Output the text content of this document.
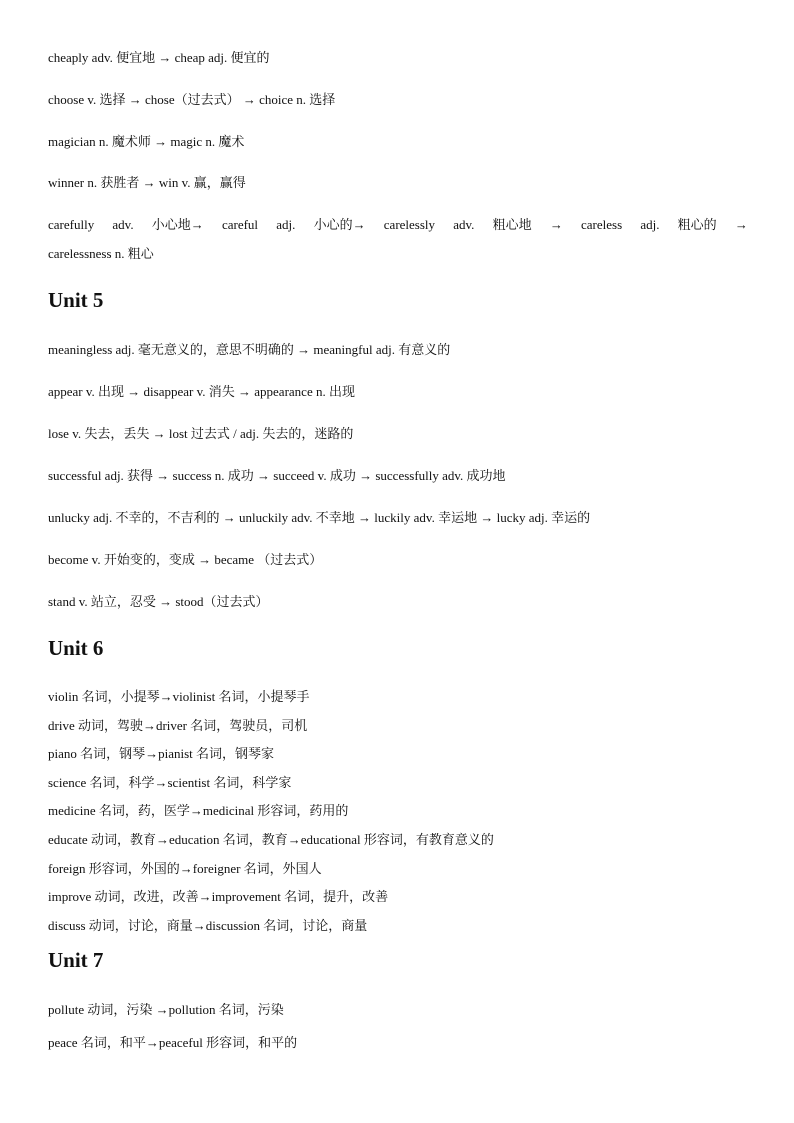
cheaply adv. 便宜地 → cheap adj. 便宜的
choose v. 选择 → chose（过去式） → choice n. 选择
magician n. 魔术师 → magic n. 魔术
winner n. 获胜者 → win v. 赢，赢得
carefully adv. 小心地→ careful adj. 小心的→ carelessly adv. 粗心地 → careless adj. 粗心的 →
carelessness n. 粗心
Unit 5
meaningless adj. 毫无意义的，意思不明确的 → meaningful adj. 有意义的
appear v. 出现 → disappear v. 消失 → appearance n. 出现
lose v. 失去，丢失 → lost 过去式 / adj. 失去的，迷路的
successful adj. 获得 → success n. 成功 → succeed v. 成功 → successfully adv. 成功地
unlucky adj. 不幸的，不吉利的 → unluckily adv. 不幸地 → luckily adv. 幸运地 → lucky adj. 幸运的
become v. 开始变的，变成 → became （过去式）
stand v. 站立，忍受 → stood（过去式）
Unit 6
violin 名词，小提琴→violinist 名词，小提琴手
drive 动词，驾驶→driver 名词，驾驶员，司机
piano 名词，钢琴→pianist 名词，钢琴家
science 名词，科学→scientist 名词，科学家
medicine 名词，药，医学→medicinal 形容词，药用的
educate 动词，教育→education 名词，教育→educational 形容词，有教育意义的
foreign 形容词，外国的→foreigner 名词，外国人
improve 动词，改进，改善→improvement 名词，提升，改善
discuss 动词，讨论，商量→discussion 名词，讨论，商量
Unit 7
pollute 动词，污染 →pollution 名词，污染
peace 名词，和平→peaceful 形容词，和平的
